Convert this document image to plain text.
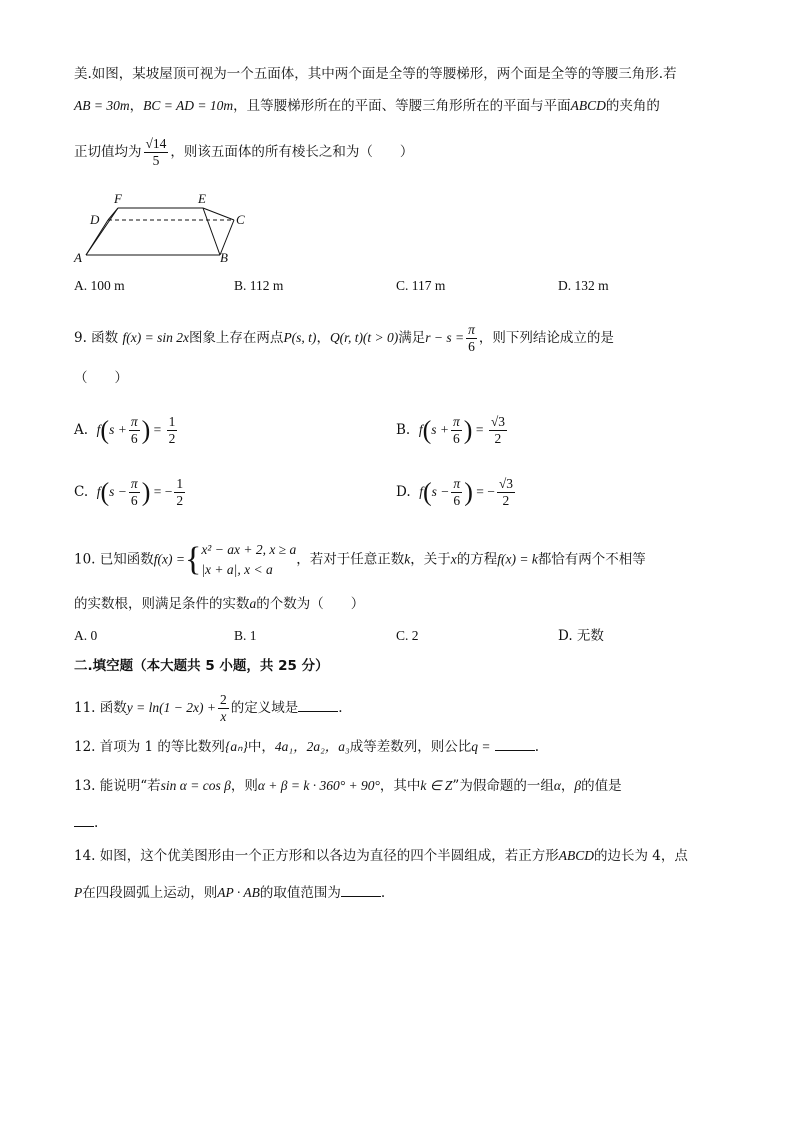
美.如图，某坡屋顶可视为一个五面体，其中两个面是全等的等腰梯形，两个面是全等的等腰三角形.若
AB = 30m，BC = AD = 10m，且等腰梯形所在的平面、等腰三角形所在的平面与平面ABCD的夹角的
正切值均为 $\frac{√14}{5}$ ，则该五面体的所有棱长之和为（　　）
F	E
D	C
A	B
A. 100 m	B. 112 m	C. 117 m	D. 132 m
9. 函数 f(x) = sin 2x图象上存在两点P(s, t)，Q(r, t)(t > 0)满足$r - s = \frac{\pi}{6}$ ，则下列结论成立的是
（　　）
A. $f(s + \frac{\pi}{6}$ ) = $\frac{1}{2}$	B. $f(s + \frac{\pi}{6}$ ) = $\frac{√3}{2}$
C. $f(s - \frac{\pi}{6}$ ) = − $\frac{1}{2}$	D. $f(s - \frac{\pi}{6}$ ) = − $\frac{√3}{2}$
10. 已知函数f(x) ={ x² − ax + 2, x ≥ a
|x + a|, x < a
，若对于任意正数k，关于x的方程f(x) = k都恰有两个不相等
的实数根，则满足条件的实数a的个数为（　　）
A. 0	B. 1	C. 2	D. 无数
二.填空题（本大题共 5 小题，共 25 分）
11. 函数$y = \ln(1 - 2x) + \frac{2}{x}$ 的定义域是	.
12. 首项为 1 的等比数列{aₙ}中，4a₁，2a₂，a₃成等差数列，则公比q =	.
13. 能说明“若sin α = cos β，则α + β = k · 360° + 90°，其中k ∈ Z”为假命题的一组α，β的值是
.
14. 如图，这个优美图形由一个正方形和以各边为直径的四个半圆组成，若正方形ABCD的边长为 4，点
P在四段圆弧上运动，则AP · AB的取值范围为	.
